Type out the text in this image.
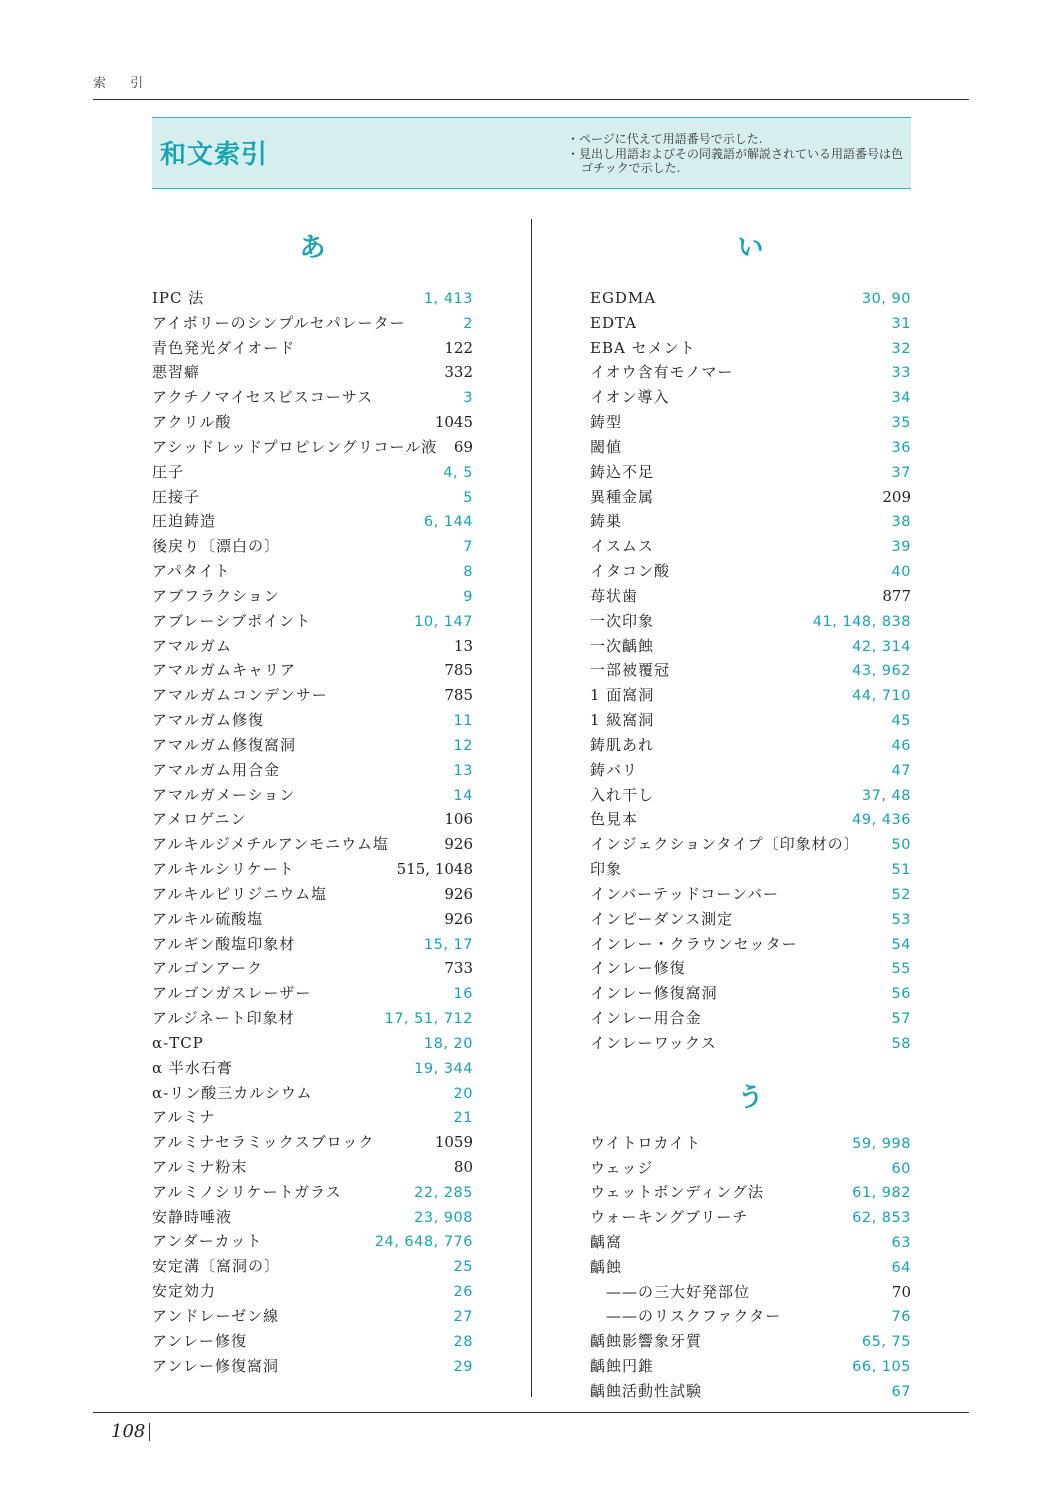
索 引
和文索引
・ページに代えて用語番号で示した.
・見出し用語およびその同義語が解説されている用語番号は色ゴチックで示した.
あ
IPC 法	1, 413
アイボリーのシンプルセパレーター	2
青色発光ダイオード	122
悪習癖	332
アクチノマイセスビスコーサス	3
アクリル酸	1045
アシッドレッドプロピレングリコール液 69
圧子	4, 5
圧接子	5
圧迫鋳造	6, 144
後戻り〔漂白の〕	7
アパタイト	8
アブフラクション	9
アブレーシブポイント	10, 147
アマルガム	13
アマルガムキャリア	785
アマルガムコンデンサー	785
アマルガム修復	11
アマルガム修復窩洞	12
アマルガム用合金	13
アマルガメーション	14
アメロゲニン	106
アルキルジメチルアンモニウム塩	926
アルキルシリケート	515, 1048
アルキルピリジニウム塩	926
アルキル硫酸塩	926
アルギン酸塩印象材	15, 17
アルゴンアーク	733
アルゴンガスレーザー	16
アルジネート印象材	17, 51, 712
α-TCP	18, 20
α 半水石膏	19, 344
α-リン酸三カルシウム	20
アルミナ	21
アルミナセラミックスブロック	1059
アルミナ粉末	80
アルミノシリケートガラス	22, 285
安静時唾液	23, 908
アンダーカット	24, 648, 776
安定溝〔窩洞の〕	25
安定効力	26
アンドレーゼン線	27
アンレー修復	28
アンレー修復窩洞	29
い
EGDMA	30, 90
EDTA	31
EBA セメント	32
イオウ含有モノマー	33
イオン導入	34
鋳型	35
閾値	36
鋳込不足	37
異種金属	209
鋳巣	38
イスムス	39
イタコン酸	40
苺状歯	877
一次印象	41, 148, 838
一次齲蝕	42, 314
一部被覆冠	43, 962
1 面窩洞	44, 710
1 級窩洞	45
鋳肌あれ	46
鋳バリ	47
入れ干し	37, 48
色見本	49, 436
インジェクションタイプ〔印象材の〕 50
印象	51
インバーテッドコーンバー	52
インピーダンス測定	53
インレー・クラウンセッター	54
インレー修復	55
インレー修復窩洞	56
インレー用合金	57
インレーワックス	58
う
ウイトロカイト	59, 998
ウェッジ	60
ウェットボンディング法	61, 982
ウォーキングブリーチ	62, 853
齲窩	63
齲蝕	64
——の三大好発部位	70
——のリスクファクター	76
齲蝕影響象牙質	65, 75
齲蝕円錐	66, 105
齲蝕活動性試験	67
108
